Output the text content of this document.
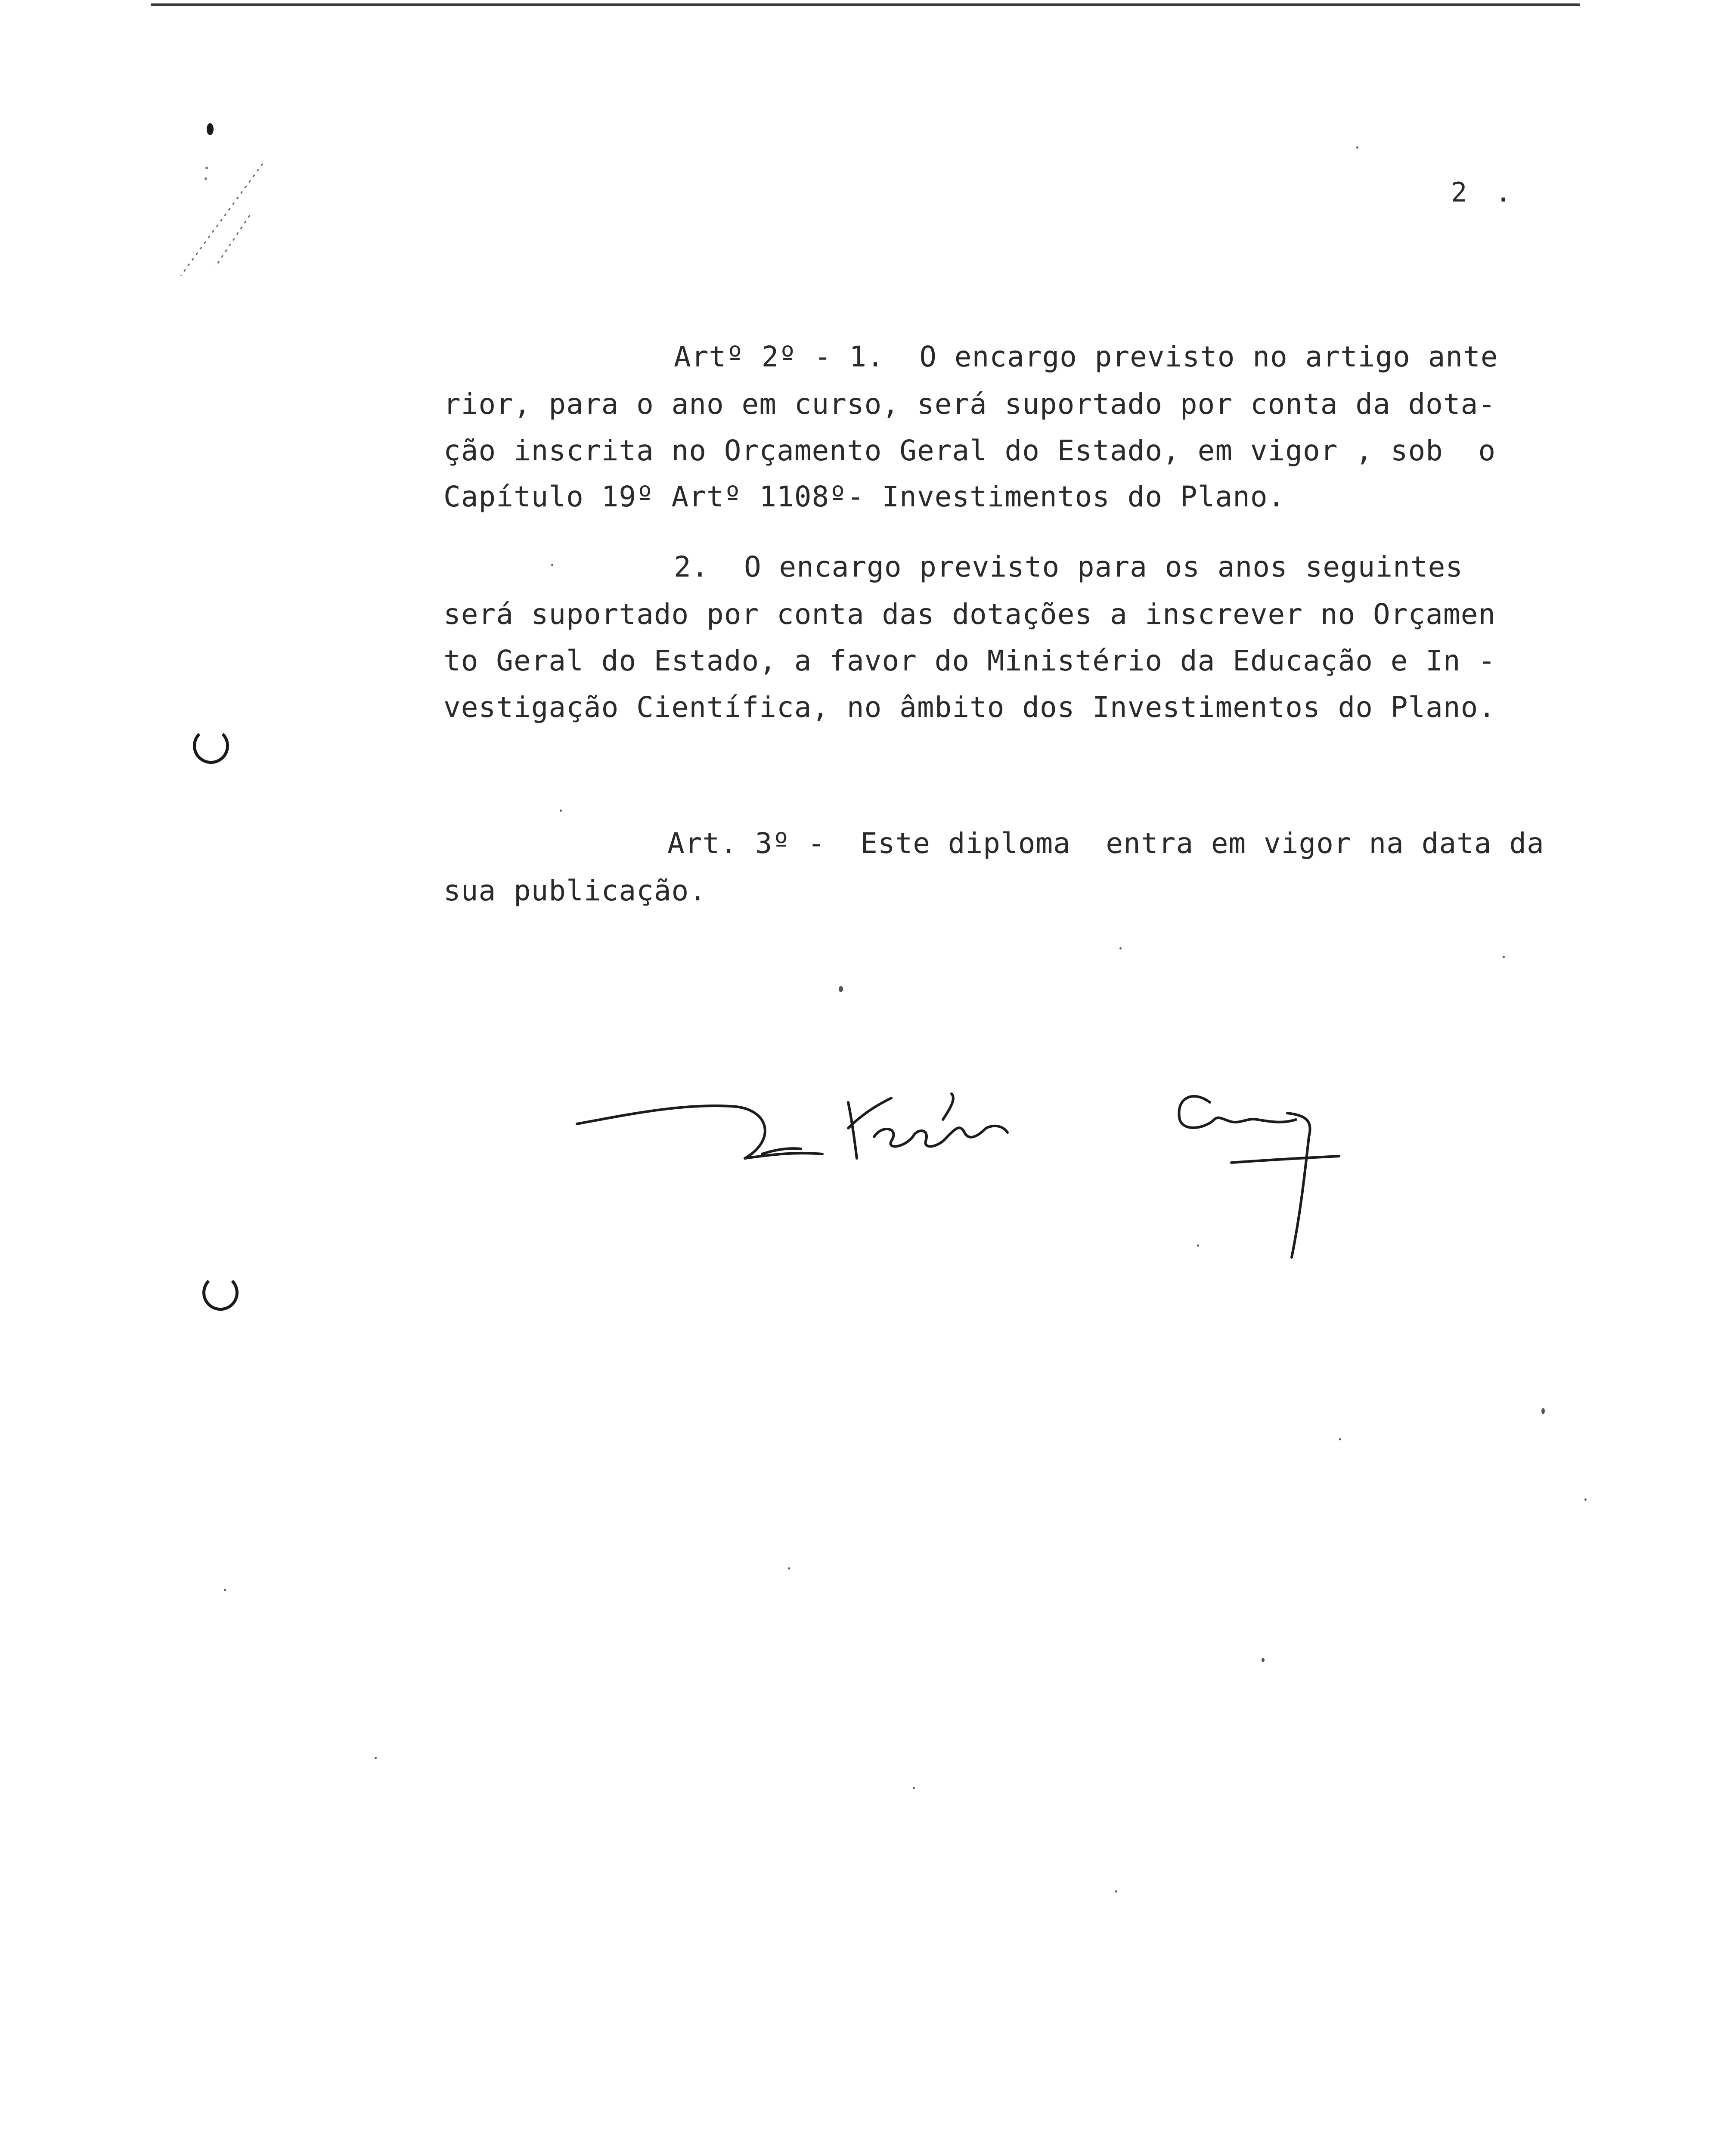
2 .
Artº 2º - 1.  O encargo previsto no artigo ante
rior, para o ano em curso, será suportado por conta da dota-
ção inscrita no Orçamento Geral do Estado, em vigor , sob  o
Capítulo 19º Artº 1108º- Investimentos do Plano.
2.  O encargo previsto para os anos seguintes
será suportado por conta das dotações a inscrever no Orçamen
to Geral do Estado, a favor do Ministério da Educação e In -
vestigação Científica, no âmbito dos Investimentos do Plano.
Art. 3º -  Este diploma  entra em vigor na data da
sua publicação.
